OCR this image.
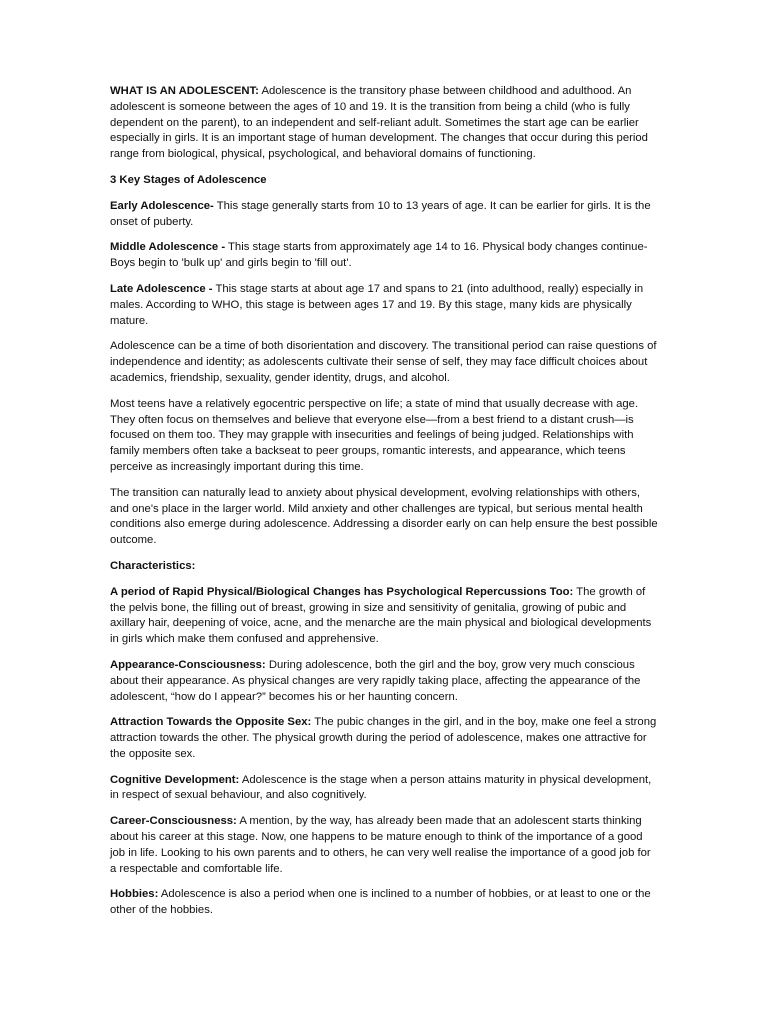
WHAT IS AN ADOLESCENT: Adolescence is the transitory phase between childhood and adulthood. An adolescent is someone between the ages of 10 and 19. It is the transition from being a child (who is fully dependent on the parent), to an independent and self-reliant adult. Sometimes the start age can be earlier especially in girls. It is an important stage of human development. The changes that occur during this period range from biological, physical, psychological, and behavioral domains of functioning.

3 Key Stages of Adolescence

Early Adolescence- This stage generally starts from 10 to 13 years of age. It can be earlier for girls. It is the onset of puberty.

Middle Adolescence - This stage starts from approximately age 14 to 16. Physical body changes continue- Boys begin to 'bulk up' and girls begin to 'fill out'.

Late Adolescence - This stage starts at about age 17 and spans to 21 (into adulthood, really) especially in males. According to WHO, this stage is between ages 17 and 19. By this stage, many kids are physically mature.

Adolescence can be a time of both disorientation and discovery. The transitional period can raise questions of independence and identity; as adolescents cultivate their sense of self, they may face difficult choices about academics, friendship, sexuality, gender identity, drugs, and alcohol.

Most teens have a relatively egocentric perspective on life; a state of mind that usually decrease with age. They often focus on themselves and believe that everyone else—from a best friend to a distant crush—is focused on them too. They may grapple with insecurities and feelings of being judged. Relationships with family members often take a backseat to peer groups, romantic interests, and appearance, which teens perceive as increasingly important during this time.

The transition can naturally lead to anxiety about physical development, evolving relationships with others, and one's place in the larger world. Mild anxiety and other challenges are typical, but serious mental health conditions also emerge during adolescence. Addressing a disorder early on can help ensure the best possible outcome.

Characteristics:

A period of Rapid Physical/Biological Changes has Psychological Repercussions Too: The growth of the pelvis bone, the filling out of breast, growing in size and sensitivity of genitalia, growing of pubic and axillary hair, deepening of voice, acne, and the menarche are the main physical and biological developments in girls which make them confused and apprehensive.

Appearance-Consciousness: During adolescence, both the girl and the boy, grow very much conscious about their appearance. As physical changes are very rapidly taking place, affecting the appearance of the adolescent, “how do I appear?” becomes his or her haunting concern.

Attraction Towards the Opposite Sex: The pubic changes in the girl, and in the boy, make one feel a strong attraction towards the other. The physical growth during the period of adolescence, makes one attractive for the opposite sex.

Cognitive Development: Adolescence is the stage when a person attains maturity in physical development, in respect of sexual behaviour, and also cognitively.

Career-Consciousness: A mention, by the way, has already been made that an adolescent starts thinking about his career at this stage. Now, one happens to be mature enough to think of the importance of a good job in life. Looking to his own parents and to others, he can very well realise the importance of a good job for a respectable and comfortable life.

Hobbies: Adolescence is also a period when one is inclined to a number of hobbies, or at least to one or the other of the hobbies.
